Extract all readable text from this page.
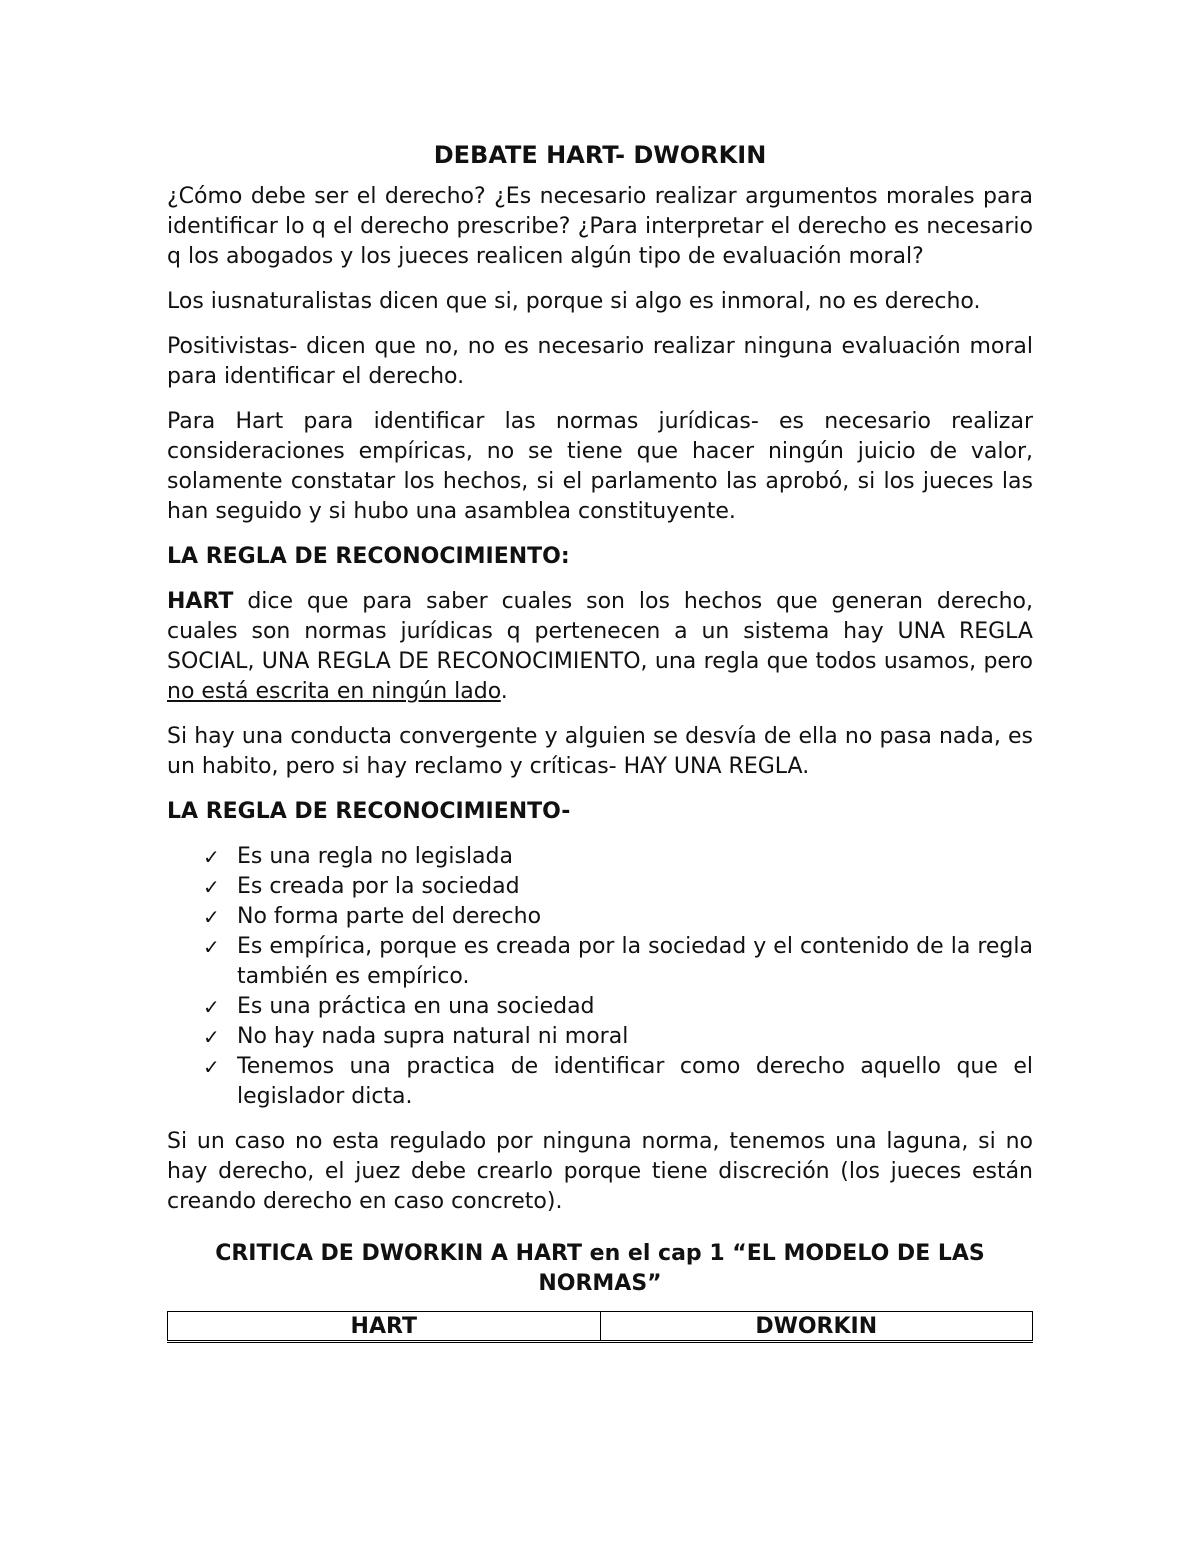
DEBATE HART- DWORKIN

¿Cómo debe ser el derecho? ¿Es necesario realizar argumentos morales para identificar lo q el derecho prescribe? ¿Para interpretar el derecho es necesario q los abogados y los jueces realicen algún tipo de evaluación moral?

Los iusnaturalistas dicen que si, porque si algo es inmoral, no es derecho.

Positivistas- dicen que no, no es necesario realizar ninguna evaluación moral para identificar el derecho.

Para Hart para identificar las normas jurídicas- es necesario realizar consideraciones empíricas, no se tiene que hacer ningún juicio de valor, solamente constatar los hechos, si el parlamento las aprobó, si los jueces las han seguido y si hubo una asamblea constituyente.

LA REGLA DE RECONOCIMIENTO:

HART dice que para saber cuales son los hechos que generan derecho, cuales son normas jurídicas q pertenecen a un sistema hay UNA REGLA SOCIAL, UNA REGLA DE RECONOCIMIENTO, una regla que todos usamos, pero no está escrita en ningún lado.

Si hay una conducta convergente y alguien se desvía de ella no pasa nada, es un habito, pero si hay reclamo y críticas- HAY UNA REGLA.

LA REGLA DE RECONOCIMIENTO-
✓ Es una regla no legislada
✓ Es creada por la sociedad
✓ No forma parte del derecho
✓ Es empírica, porque es creada por la sociedad y el contenido de la regla también es empírico.
✓ Es una práctica en una sociedad
✓ No hay nada supra natural ni moral
✓ Tenemos una practica de identificar como derecho aquello que el legislador dicta.

Si un caso no esta regulado por ninguna norma, tenemos una laguna, si no hay derecho, el juez debe crearlo porque tiene discreción (los jueces están creando derecho en caso concreto).

CRITICA DE DWORKIN A HART en el cap 1 “EL MODELO DE LAS NORMAS”
HART	DWORKIN
